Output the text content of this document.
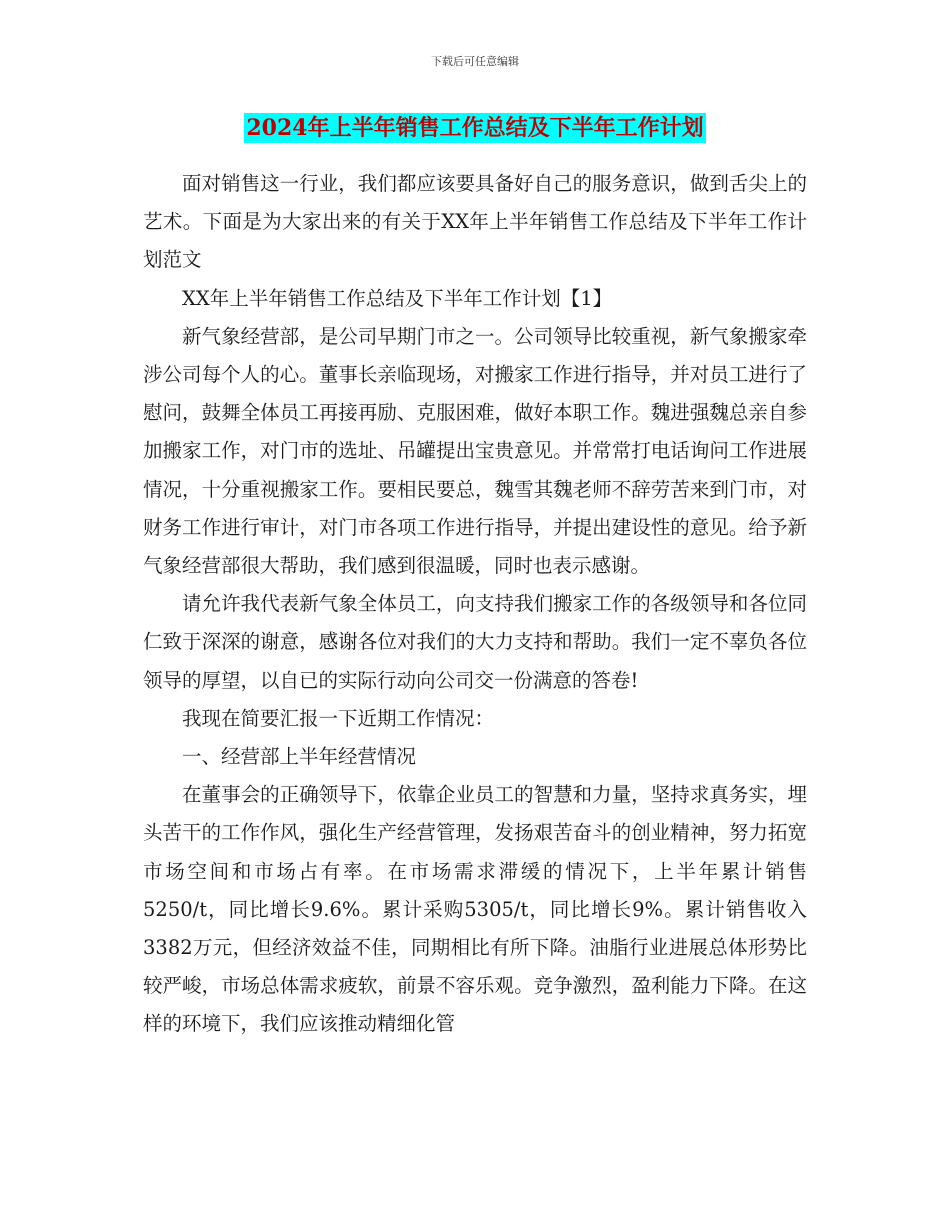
下载后可任意编辑
2024年上半年销售工作总结及下半年工作计划

面对销售这一行业，我们都应该要具备好自己的服务意识，做到舌尖上的艺术。下面是为大家出来的有关于XX年上半年销售工作总结及下半年工作计划范文

XX年上半年销售工作总结及下半年工作计划【1】

新气象经营部，是公司早期门市之一。公司领导比较重视，新气象搬家牵涉公司每个人的心。董事长亲临现场，对搬家工作进行指导，并对员工进行了慰问，鼓舞全体员工再接再励、克服困难，做好本职工作。魏进强魏总亲自参加搬家工作，对门市的选址、吊罐提出宝贵意见。并常常打电话询问工作进展情况，十分重视搬家工作。要相民要总，魏雪其魏老师不辞劳苦来到门市，对财务工作进行审计，对门市各项工作进行指导，并提出建设性的意见。给予新气象经营部很大帮助，我们感到很温暖，同时也表示感谢。

请允许我代表新气象全体员工，向支持我们搬家工作的各级领导和各位同仁致于深深的谢意，感谢各位对我们的大力支持和帮助。我们一定不辜负各位领导的厚望，以自已的实际行动向公司交一份满意的答卷!

我现在简要汇报一下近期工作情况：

一、经营部上半年经营情况

在董事会的正确领导下，依靠企业员工的智慧和力量，坚持求真务实，埋头苦干的工作作风，强化生产经营管理，发扬艰苦奋斗的创业精神，努力拓宽市场空间和市场占有率。在市场需求滞缓的情况下，上半年累计销售5250/t，同比增长9.6%。累计采购5305/t，同比增长9%。累计销售收入3382万元，但经济效益不佳，同期相比有所下降。油脂行业进展总体形势比较严峻，市场总体需求疲软，前景不容乐观。竞争激烈，盈利能力下降。在这样的环境下，我们应该推动精细化管
